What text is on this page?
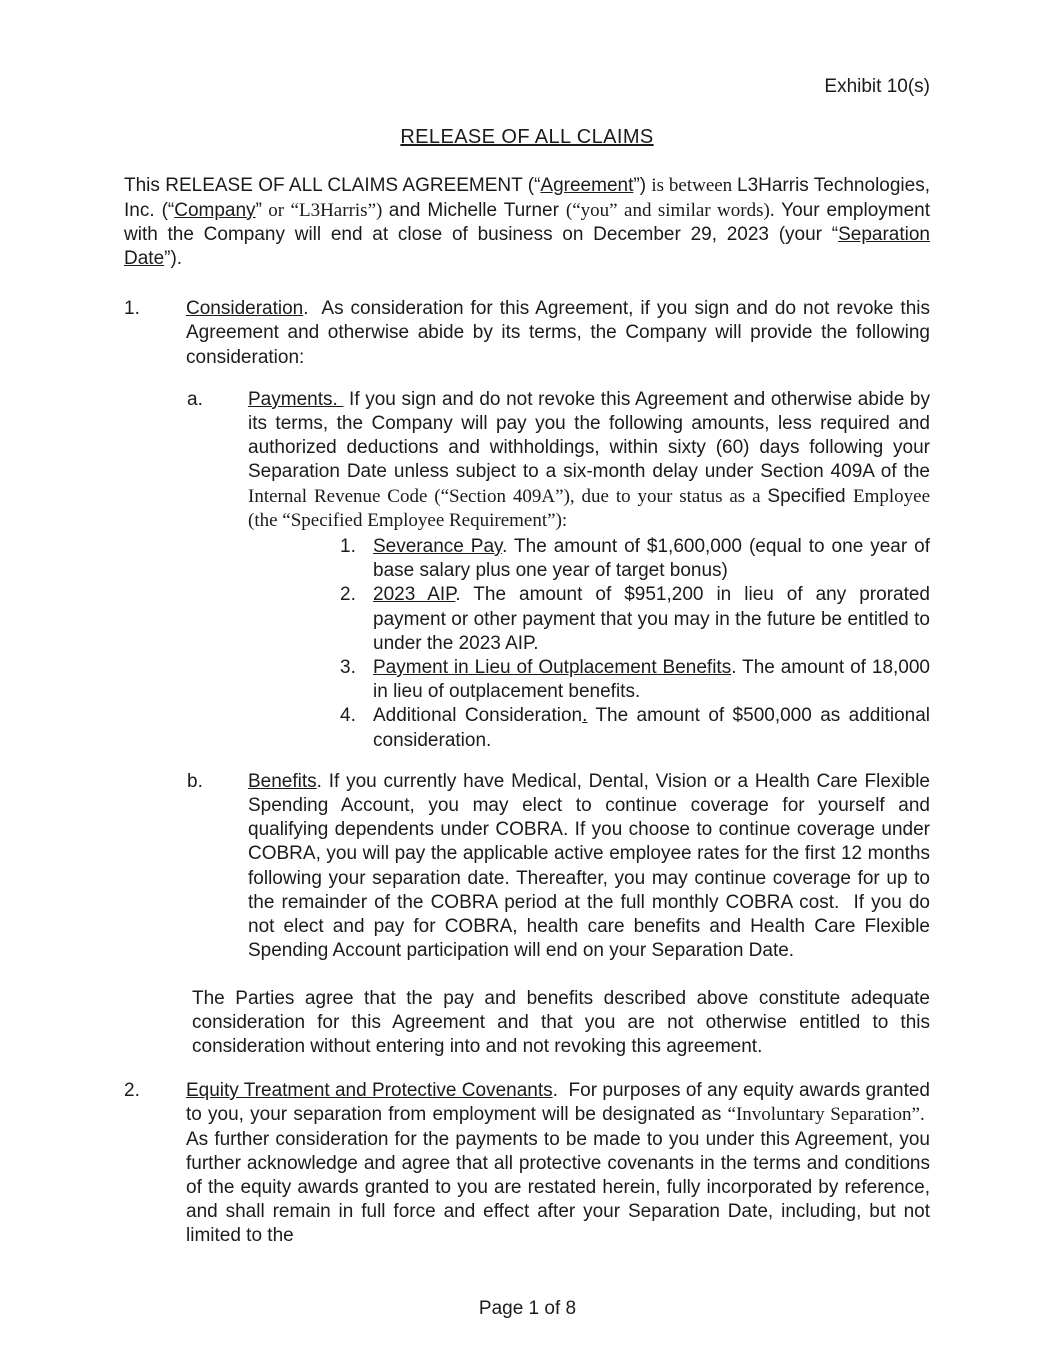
Exhibit 10(s)
RELEASE OF ALL CLAIMS
This RELEASE OF ALL CLAIMS AGREEMENT (“Agreement”) is between L3Harris Technologies, Inc. (“Company” or “L3Harris”) and Michelle Turner (“you” and similar words). Your employment with the Company will end at close of business on December 29, 2023 (your “Separation Date”).
1.	Consideration.  As consideration for this Agreement, if you sign and do not revoke this Agreement and otherwise abide by its terms, the Company will provide the following consideration:
a.	Payments.  If you sign and do not revoke this Agreement and otherwise abide by its terms, the Company will pay you the following amounts, less required and authorized deductions and withholdings, within sixty (60) days following your Separation Date unless subject to a six-month delay under Section 409A of the Internal Revenue Code (“Section 409A”), due to your status as a Specified Employee (the “Specified Employee Requirement”):
1. Severance Pay. The amount of $1,600,000 (equal to one year of base salary plus one year of target bonus)
2. 2023 AIP. The amount of $951,200 in lieu of any prorated payment or other payment that you may in the future be entitled to under the 2023 AIP.
3. Payment in Lieu of Outplacement Benefits. The amount of 18,000 in lieu of outplacement benefits.
4. Additional Consideration. The amount of $500,000 as additional consideration.
b.	Benefits. If you currently have Medical, Dental, Vision or a Health Care Flexible Spending Account, you may elect to continue coverage for yourself and qualifying dependents under COBRA. If you choose to continue coverage under COBRA, you will pay the applicable active employee rates for the first 12 months following your separation date. Thereafter, you may continue coverage for up to the remainder of the COBRA period at the full monthly COBRA cost.  If you do not elect and pay for COBRA, health care benefits and Health Care Flexible Spending Account participation will end on your Separation Date.
The Parties agree that the pay and benefits described above constitute adequate consideration for this Agreement and that you are not otherwise entitled to this consideration without entering into and not revoking this agreement.
2.	Equity Treatment and Protective Covenants.  For purposes of any equity awards granted to you, your separation from employment will be designated as “Involuntary Separation”.  As further consideration for the payments to be made to you under this Agreement, you further acknowledge and agree that all protective covenants in the terms and conditions of the equity awards granted to you are restated herein, fully incorporated by reference, and shall remain in full force and effect after your Separation Date, including, but not limited to the
Page 1 of 8
